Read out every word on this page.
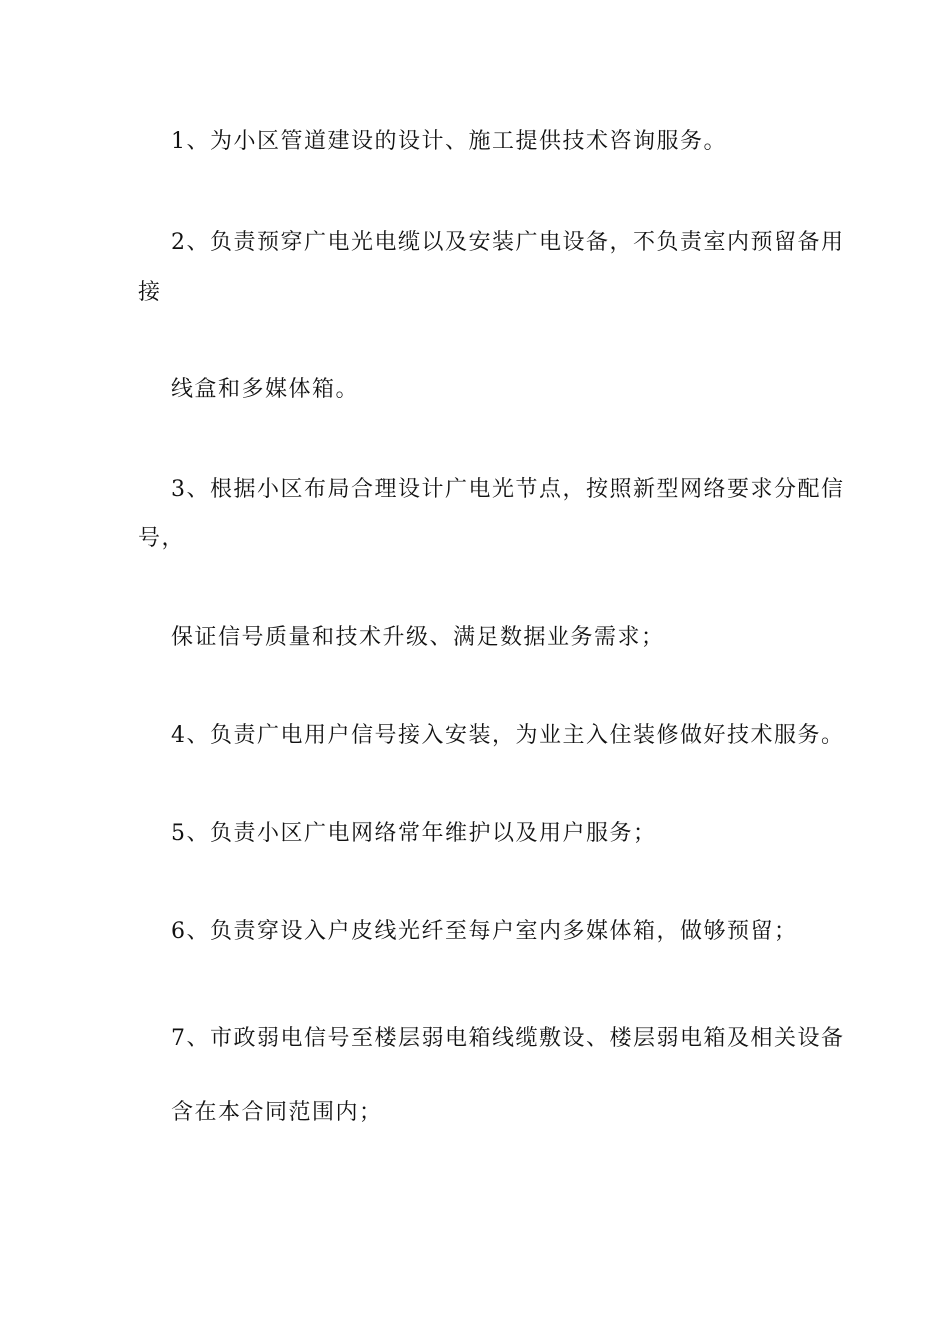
1、为小区管道建设的设计、施工提供技术咨询服务。
2、负责预穿广电光电缆以及安装广电设备，不负责室内预留备用
接
线盒和多媒体箱。
3、根据小区布局合理设计广电光节点，按照新型网络要求分配信
号，
保证信号质量和技术升级、满足数据业务需求；
4、负责广电用户信号接入安装，为业主入住装修做好技术服务。
5、负责小区广电网络常年维护以及用户服务；
6、负责穿设入户皮线光纤至每户室内多媒体箱，做够预留；
7、市政弱电信号至楼层弱电箱线缆敷设、楼层弱电箱及相关设备
含在本合同范围内；
